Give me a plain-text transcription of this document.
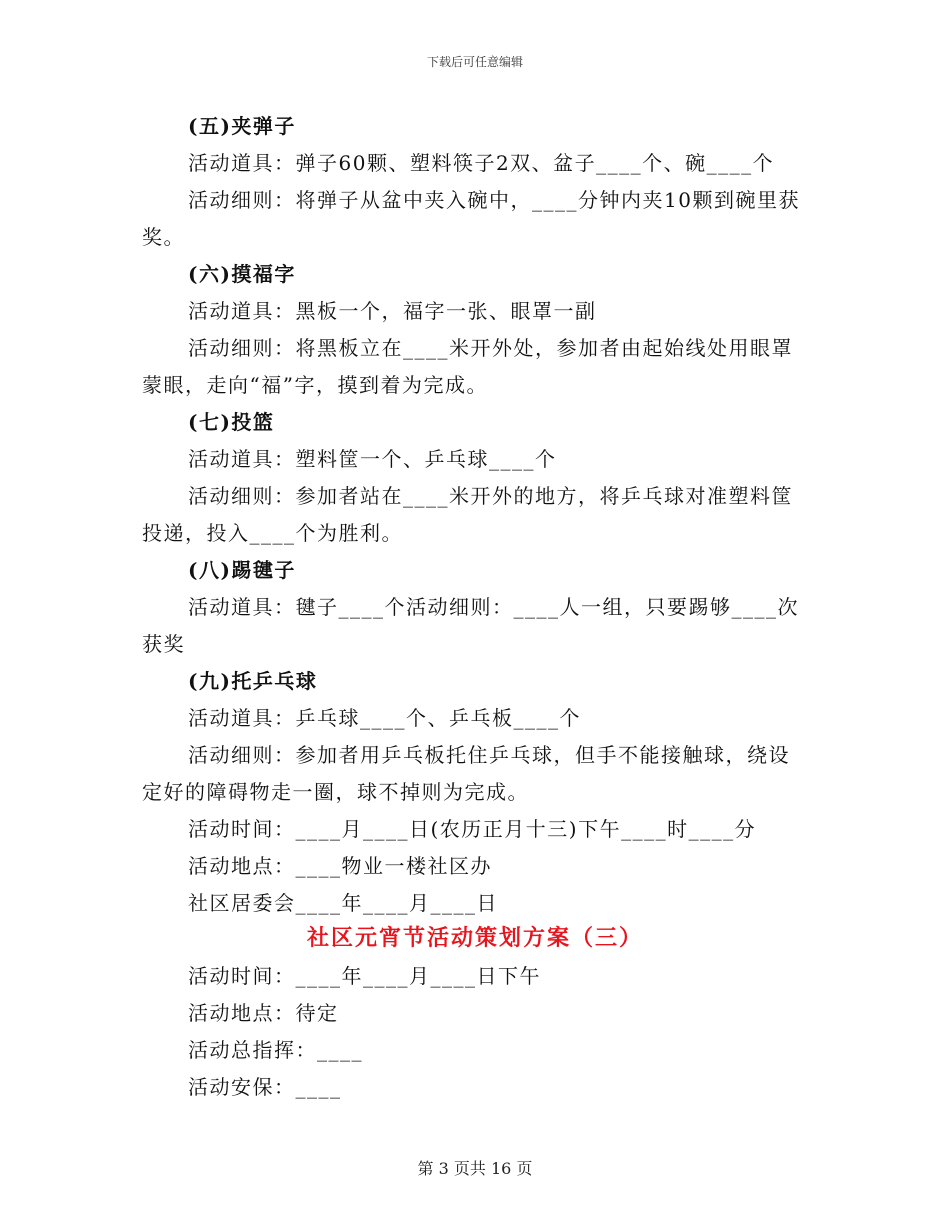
下载后可任意编辑
(五)夹弹子
活动道具：弹子60颗、塑料筷子2双、盆子____个、碗____个
活动细则：将弹子从盆中夹入碗中，____分钟内夹10颗到碗里获
奖。
(六)摸福字
活动道具：黑板一个，福字一张、眼罩一副
活动细则：将黑板立在____米开外处，参加者由起始线处用眼罩
蒙眼，走向“福”字，摸到着为完成。
(七)投篮
活动道具：塑料筐一个、乒乓球____个
活动细则：参加者站在____米开外的地方，将乒乓球对准塑料筐
投递，投入____个为胜利。
(八)踢毽子
活动道具：毽子____个活动细则：____人一组，只要踢够____次
获奖
(九)托乒乓球
活动道具：乒乓球____个、乒乓板____个
活动细则：参加者用乒乓板托住乒乓球，但手不能接触球，绕设
定好的障碍物走一圈，球不掉则为完成。
活动时间：____月____日(农历正月十三)下午____时____分
活动地点：____物业一楼社区办
社区居委会____年____月____日
社区元宵节活动策划方案（三）
活动时间：____年____月____日下午
活动地点：待定
活动总指挥：____
活动安保：____
第 3 页共 16 页
